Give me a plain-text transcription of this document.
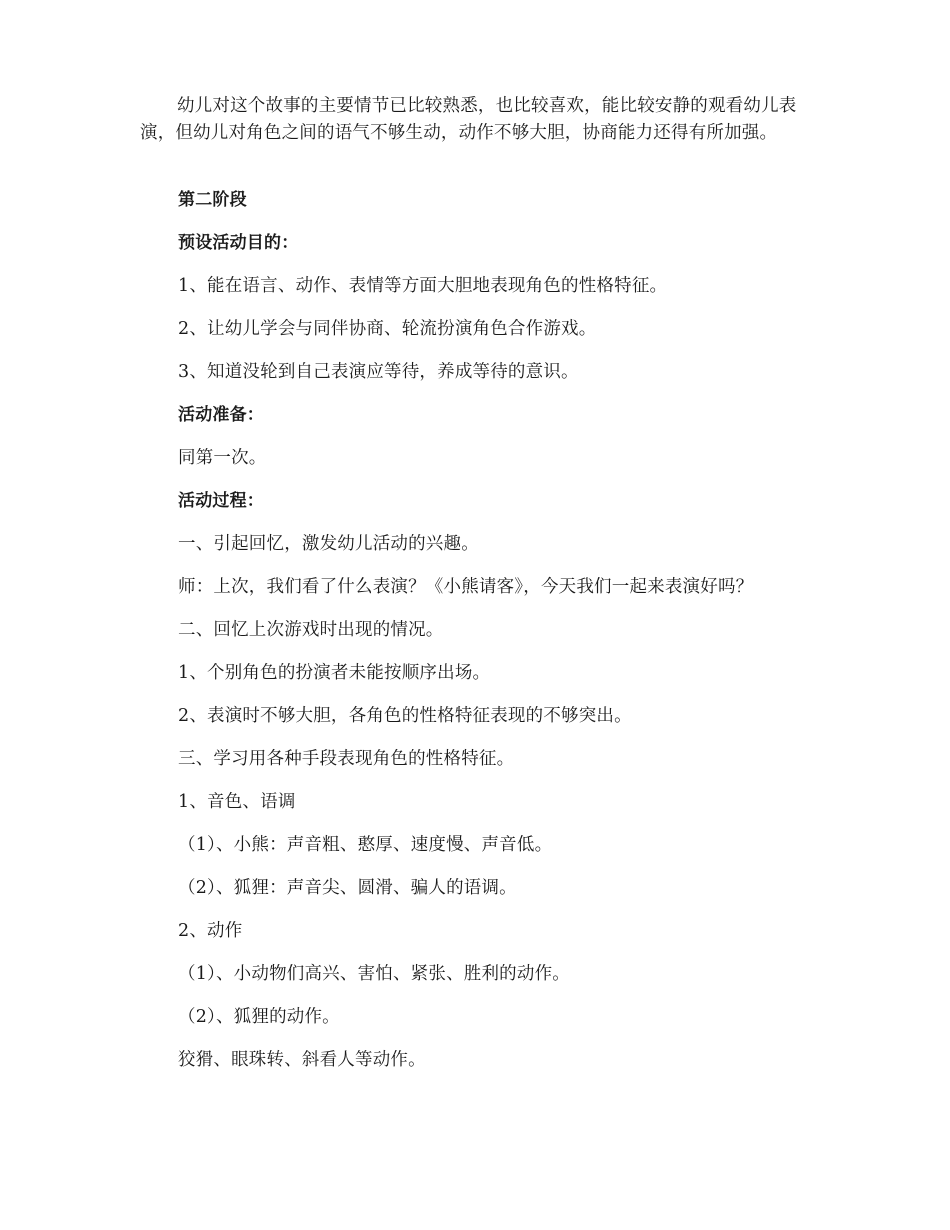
幼儿对这个故事的主要情节已比较熟悉，也比较喜欢，能比较安静的观看幼儿表演，但幼儿对角色之间的语气不够生动，动作不够大胆，协商能力还得有所加强。

第二阶段

预设活动目的：

1、能在语言、动作、表情等方面大胆地表现角色的性格特征。

2、让幼儿学会与同伴协商、轮流扮演角色合作游戏。

3、知道没轮到自己表演应等待，养成等待的意识。

活动准备：

同第一次。

活动过程：

一、引起回忆，激发幼儿活动的兴趣。

师：上次，我们看了什么表演？《小熊请客》，今天我们一起来表演好吗？

二、回忆上次游戏时出现的情况。

1、个别角色的扮演者未能按顺序出场。

2、表演时不够大胆，各角色的性格特征表现的不够突出。

三、学习用各种手段表现角色的性格特征。

1、音色、语调

（1）、小熊：声音粗、憨厚、速度慢、声音低。

（2）、狐狸：声音尖、圆滑、骗人的语调。

2、动作

（1）、小动物们高兴、害怕、紧张、胜利的动作。

（2）、狐狸的动作。

狡猾、眼珠转、斜看人等动作。
